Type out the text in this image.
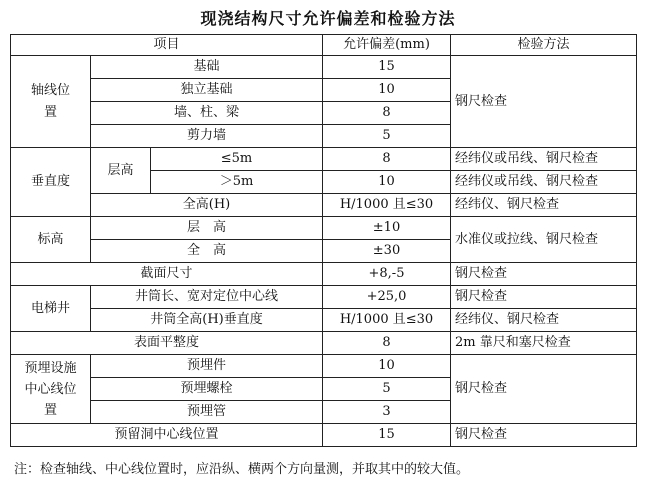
现浇结构尺寸允许偏差和检验方法
项目			允许偏差(mm)	检验方法
轴线位置	基础		15	钢尺检查
	独立基础		10	
	墙、柱、梁		8	
	剪力墙		5	
垂直度	层高	≤5m	8	经纬仪或吊线、钢尺检查
		＞5m	10	经纬仪或吊线、钢尺检查
	全高(H)		H/1000 且≤30	经纬仪、钢尺检查
标高	层　高		±10	水准仪或拉线、钢尺检查
	全　高		±30	
截面尺寸			+8,-5	钢尺检查
电梯井	井筒长、宽对定位中心线		+25,0	钢尺检查
	井筒全高(H)垂直度		H/1000 且≤30	经纬仪、钢尺检查
表面平整度			8	2m 靠尺和塞尺检查
预埋设施中心线位置	预埋件		10	钢尺检查
	预埋螺栓		5	
	预埋管		3	
预留洞中心线位置			15	钢尺检查
注：检查轴线、中心线位置时，应沿纵、横两个方向量测，并取其中的较大值。
